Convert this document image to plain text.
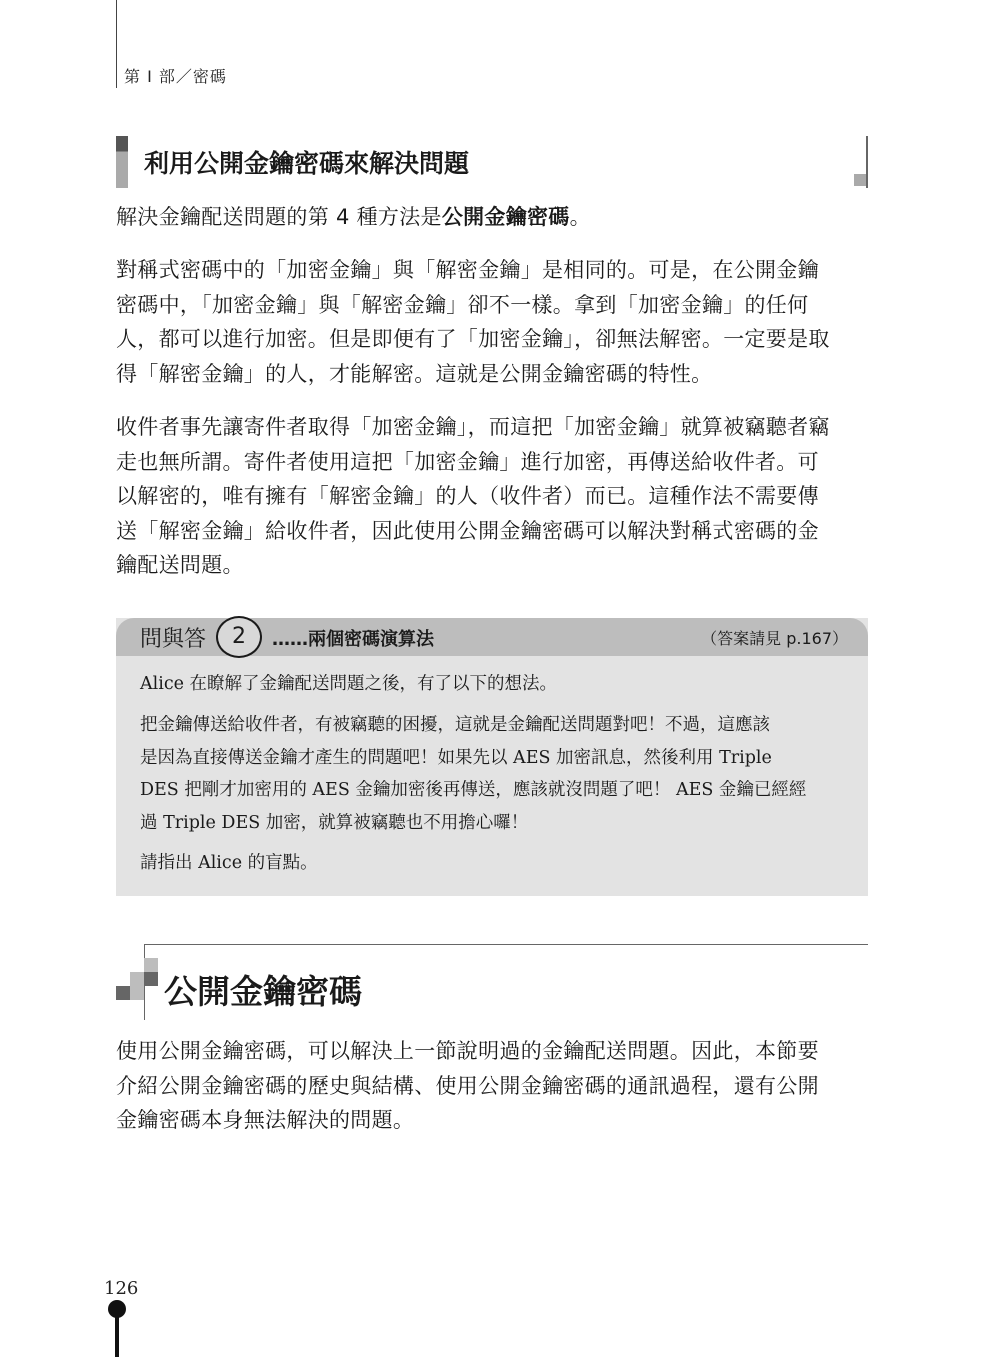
第 I 部／密碼
利用公開金鑰密碼來解決問題

解決金鑰配送問題的第 4 種方法是公開金鑰密碼。

對稱式密碼中的「加密金鑰」與「解密金鑰」是相同的。可是，在公開金鑰
密碼中，「加密金鑰」與「解密金鑰」卻不一樣。拿到「加密金鑰」的任何
人，都可以進行加密。但是即便有了「加密金鑰」，卻無法解密。一定要是取
得「解密金鑰」的人，才能解密。這就是公開金鑰密碼的特性。
收件者事先讓寄件者取得「加密金鑰」，而這把「加密金鑰」就算被竊聽者竊
走也無所謂。寄件者使用這把「加密金鑰」進行加密，再傳送給收件者。可
以解密的，唯有擁有「解密金鑰」的人（收件者）而已。這種作法不需要傳
送「解密金鑰」給收件者，因此使用公開金鑰密碼可以解決對稱式密碼的金
鑰配送問題。
問與答	2	……兩個密碼演算法	（答案請見 p.167）
Alice 在瞭解了金鑰配送問題之後，有了以下的想法。
把金鑰傳送給收件者，有被竊聽的困擾，這就是金鑰配送問題對吧！不過，這應該
是因為直接傳送金鑰才產生的問題吧！如果先以 AES 加密訊息，然後利用 Triple
DES 把剛才加密用的 AES 金鑰加密後再傳送，應該就沒問題了吧！ AES 金鑰已經經
過 Triple DES 加密，就算被竊聽也不用擔心囉！
請指出 Alice 的盲點。
公開金鑰密碼
使用公開金鑰密碼，可以解決上一節說明過的金鑰配送問題。因此，本節要
介紹公開金鑰密碼的歷史與結構、使用公開金鑰密碼的通訊過程，還有公開
金鑰密碼本身無法解決的問題。
126
